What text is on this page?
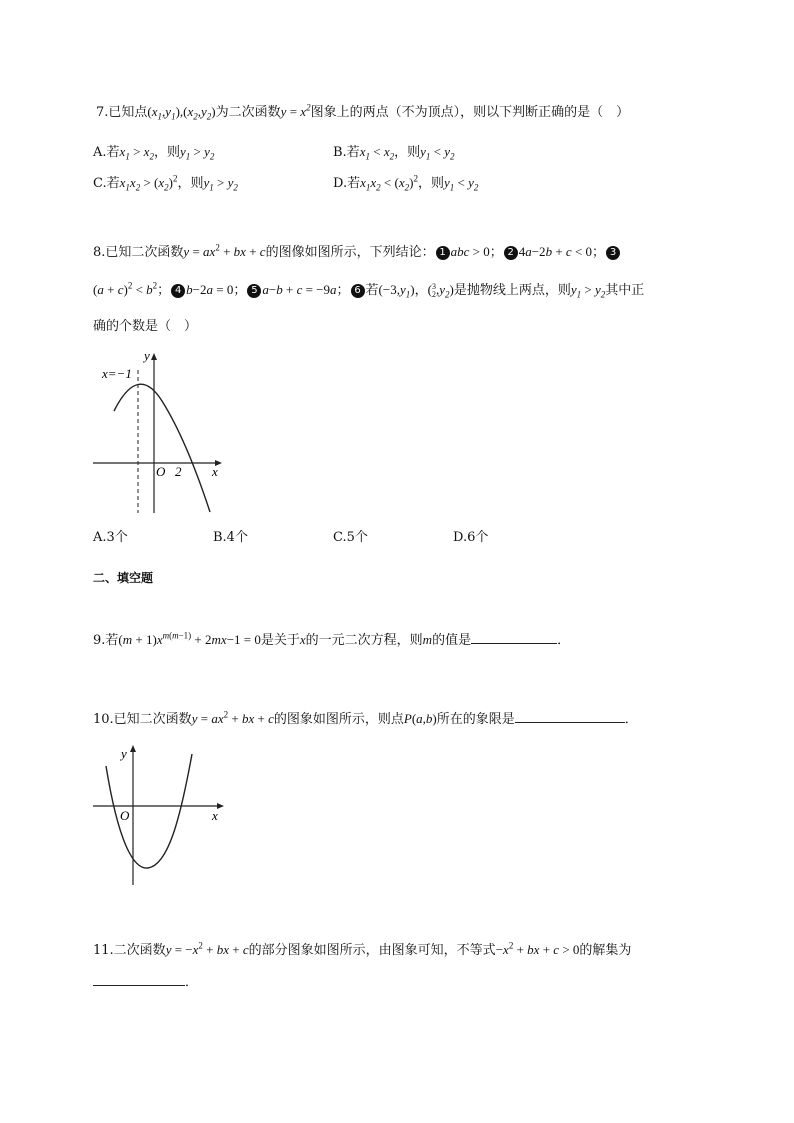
7.已知点$(x_1,y_1),(x_2,y_2)$为二次函数$y = x^2$图象上的两点（不为顶点），则以下判断正确的是（　）
A.若$x_1 > x_2$，则$y_1 > y_2$	B.若$x_1 < x_2$，则$y_1 < y_2$
C.若$x_1x_2 > (x_2)^2$，则$y_1 > y_2$	D.若$x_1x_2 < (x_2)^2$，则$y_1 < y_2$
8.已知二次函数$y = ax^2$ + bx + c的图像如图所示，下列结论： 1 abc > 0； 2 4a−2b + c < 0； 3
$(a + c)^2 < b^2$； 4 b−2a = 0； 5 a−b + c = −9a； 6 若$(-3,y_1)$，( 3
2 $,y_2$)是抛物线上两点，则$y_1 > y_2$其中正
确的个数是（　）
x=−1
y
x
O 2
A.3个	B.4个	C.5个	D.6个
二、填空题
9.若$(m + 1)x^{m(m-1)} + 2mx-1 = 0$是关于x的一元二次方程，则m的值是	．
10.已知二次函数$y = ax^2$ + bx + c的图象如图所示，则点P(a,b)所在的象限是	．
y
x
O
11.二次函数$y = -x^2$ + bx + c的部分图象如图所示，由图象可知，不等式$-x^2$ + bx + c > 0的解集为
．
